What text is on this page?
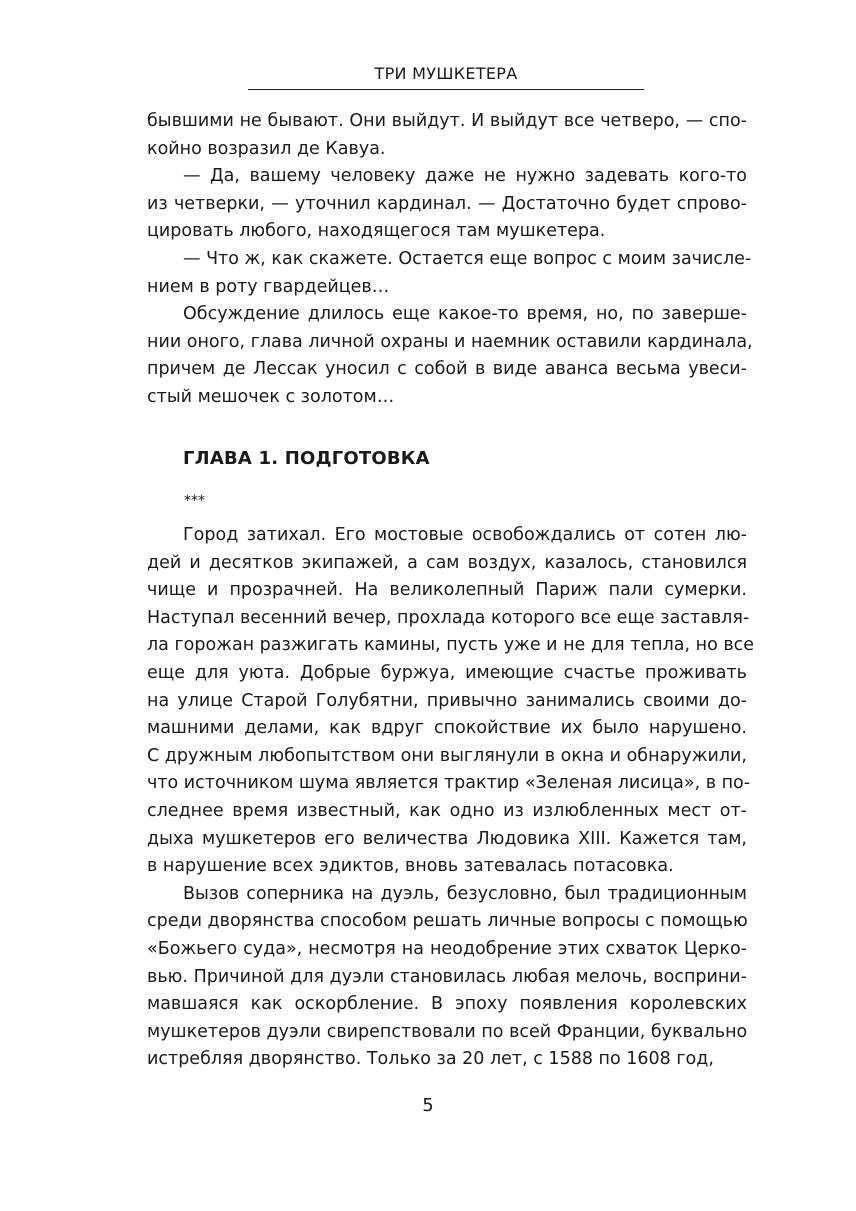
ТРИ МУШКЕТЕРА
бывшими не бывают. Они выйдут. И выйдут все четверо, — спо-
койно возразил де Кавуа.
— Да, вашему человеку даже не нужно задевать кого-то
из четверки, — уточнил кардинал. — Достаточно будет спрово-
цировать любого, находящегося там мушкетера.
— Что ж, как скажете. Остается еще вопрос с моим зачисле-
нием в роту гвардейцев…
Обсуждение длилось еще какое-то время, но, по заверше-
нии оного, глава личной охраны и наемник оставили кардинала,
причем де Лессак уносил с собой в виде аванса весьма увеси-
стый мешочек с золотом…
ГЛАВА 1. ПОДГОТОВКА
***
Город затихал. Его мостовые освобождались от сотен лю-
дей и десятков экипажей, а сам воздух, казалось, становился
чище и прозрачней. На великолепный Париж пали сумерки.
Наступал весенний вечер, прохлада которого все еще заставля-
ла горожан разжигать камины, пусть уже и не для тепла, но все
еще для уюта. Добрые буржуа, имеющие счастье проживать
на улице Старой Голубятни, привычно занимались своими до-
машними делами, как вдруг спокойствие их было нарушено.
С дружным любопытством они выглянули в окна и обнаружили,
что источником шума является трактир «Зеленая лисица», в по-
следнее время известный, как одно из излюбленных мест от-
дыха мушкетеров его величества Людовика XIII. Кажется там,
в нарушение всех эдиктов, вновь затевалась потасовка.
Вызов соперника на дуэль, безусловно, был традиционным
среди дворянства способом решать личные вопросы с помощью
«Божьего суда», несмотря на неодобрение этих схваток Церко-
вью. Причиной для дуэли становилась любая мелочь, восприни-
мавшаяся как оскорбление. В эпоху появления королевских
мушкетеров дуэли свирепствовали по всей Франции, буквально
истребляя дворянство. Только за 20 лет, с 1588 по 1608 год,
5
